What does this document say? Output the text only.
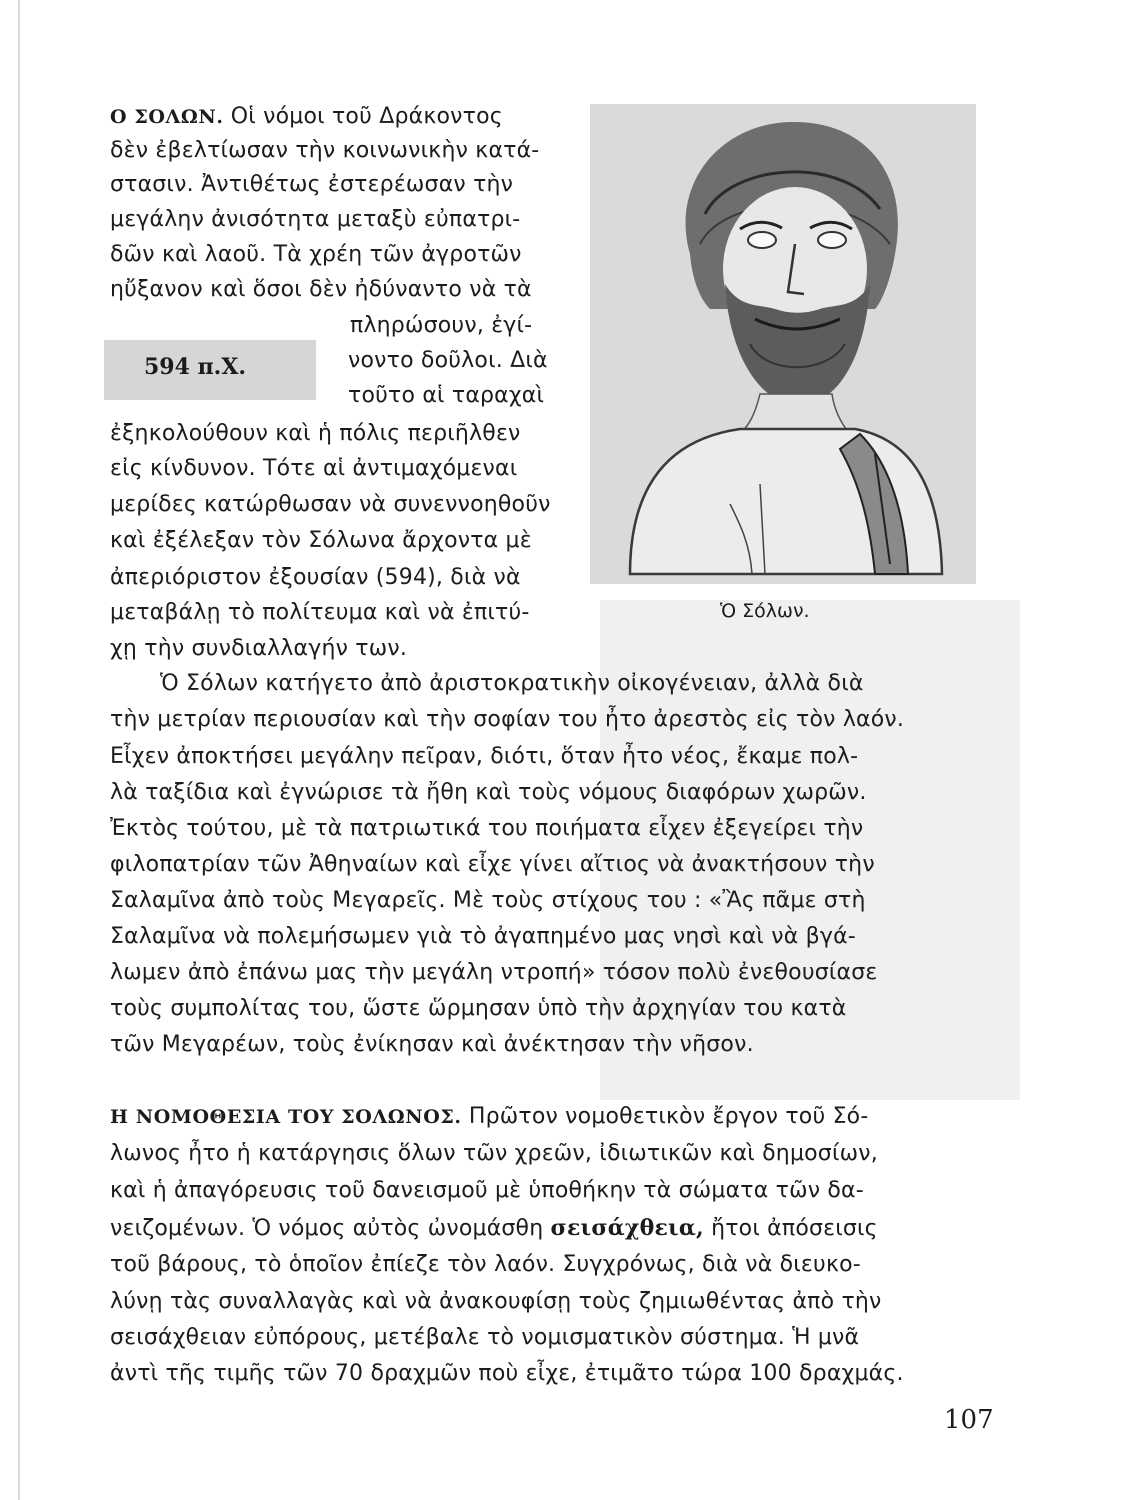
Ο ΣΟΛΩΝ. Οἱ νόμοι τοῦ Δράκοντος
δὲν ἐβελτίωσαν τὴν κοινωνικὴν κατά-
στασιν. Ἀντιθέτως ἐστερέωσαν τὴν
μεγάλην ἀνισότητα μεταξὺ εὐπατρι-
δῶν καὶ λαοῦ. Τὰ χρέη τῶν ἀγροτῶν
ηὔξανον καὶ ὅσοι δὲν ἠδύναντο νὰ τὰ
πληρώσουν, ἐγί-
νοντο δοῦλοι. Διὰ
τοῦτο αἱ ταραχαὶ
ἐξηκολούθουν καὶ ἡ πόλις περιῆλθεν
εἰς κίνδυνον. Τότε αἱ ἀντιμαχόμεναι
μερίδες κατώρθωσαν νὰ συνεννοηθοῦν
καὶ ἐξέλεξαν τὸν Σόλωνα ἄρχοντα μὲ
ἀπεριόριστον ἐξουσίαν (594), διὰ νὰ
μεταβάλῃ τὸ πολίτευμα καὶ νὰ ἐπιτύ-
χῃ τὴν συνδιαλλαγήν των.
594 π.Χ.
Ὁ Σόλων.
Ὁ Σόλων κατήγετο ἀπὸ ἀριστοκρατικὴν οἰκογένειαν, ἀλλὰ διὰ
τὴν μετρίαν περιουσίαν καὶ τὴν σοφίαν του ἦτο ἀρεστὸς εἰς τὸν λαόν.
Εἶχεν ἀποκτήσει μεγάλην πεῖραν, διότι, ὅταν ἦτο νέος, ἔκαμε πολ-
λὰ ταξίδια καὶ ἐγνώρισε τὰ ἤθη καὶ τοὺς νόμους διαφόρων χωρῶν.
Ἐκτὸς τούτου, μὲ τὰ πατριωτικά του ποιήματα εἶχεν ἐξεγείρει τὴν
φιλοπατρίαν τῶν Ἀθηναίων καὶ εἶχε γίνει αἴτιος νὰ ἀνακτήσουν τὴν
Σαλαμῖνα ἀπὸ τοὺς Μεγαρεῖς. Μὲ τοὺς στίχους του : «Ἂς πᾶμε στὴ
Σαλαμῖνα νὰ πολεμήσωμεν γιὰ τὸ ἀγαπημένο μας νησὶ καὶ νὰ βγά-
λωμεν ἀπὸ ἐπάνω μας τὴν μεγάλη ντροπή» τόσον πολὺ ἐνεθουσίασε
τοὺς συμπολίτας του, ὥστε ὥρμησαν ὑπὸ τὴν ἀρχηγίαν του κατὰ
τῶν Μεγαρέων, τοὺς ἐνίκησαν καὶ ἀνέκτησαν τὴν νῆσον.
Η ΝΟΜΟΘΕΣΙΑ ΤΟΥ ΣΟΛΩΝΟΣ. Πρῶτον νομοθετικὸν ἔργον τοῦ Σό-
λωνος ἦτο ἡ κατάργησις ὅλων τῶν χρεῶν, ἰδιωτικῶν καὶ δημοσίων,
καὶ ἡ ἀπαγόρευσις τοῦ δανεισμοῦ μὲ ὑποθήκην τὰ σώματα τῶν δα-
νειζομένων. Ὁ νόμος αὐτὸς ὠνομάσθη σεισάχθεια, ἤτοι ἀπόσεισις
τοῦ βάρους, τὸ ὁποῖον ἐπίεζε τὸν λαόν. Συγχρόνως, διὰ νὰ διευκο-
λύνῃ τὰς συναλλαγὰς καὶ νὰ ἀνακουφίσῃ τοὺς ζημιωθέντας ἀπὸ τὴν
σεισάχθειαν εὐπόρους, μετέβαλε τὸ νομισματικὸν σύστημα. Ἡ μνᾶ
ἀντὶ τῆς τιμῆς τῶν 70 δραχμῶν ποὺ εἶχε, ἐτιμᾶτο τώρα 100 δραχμάς.
107
